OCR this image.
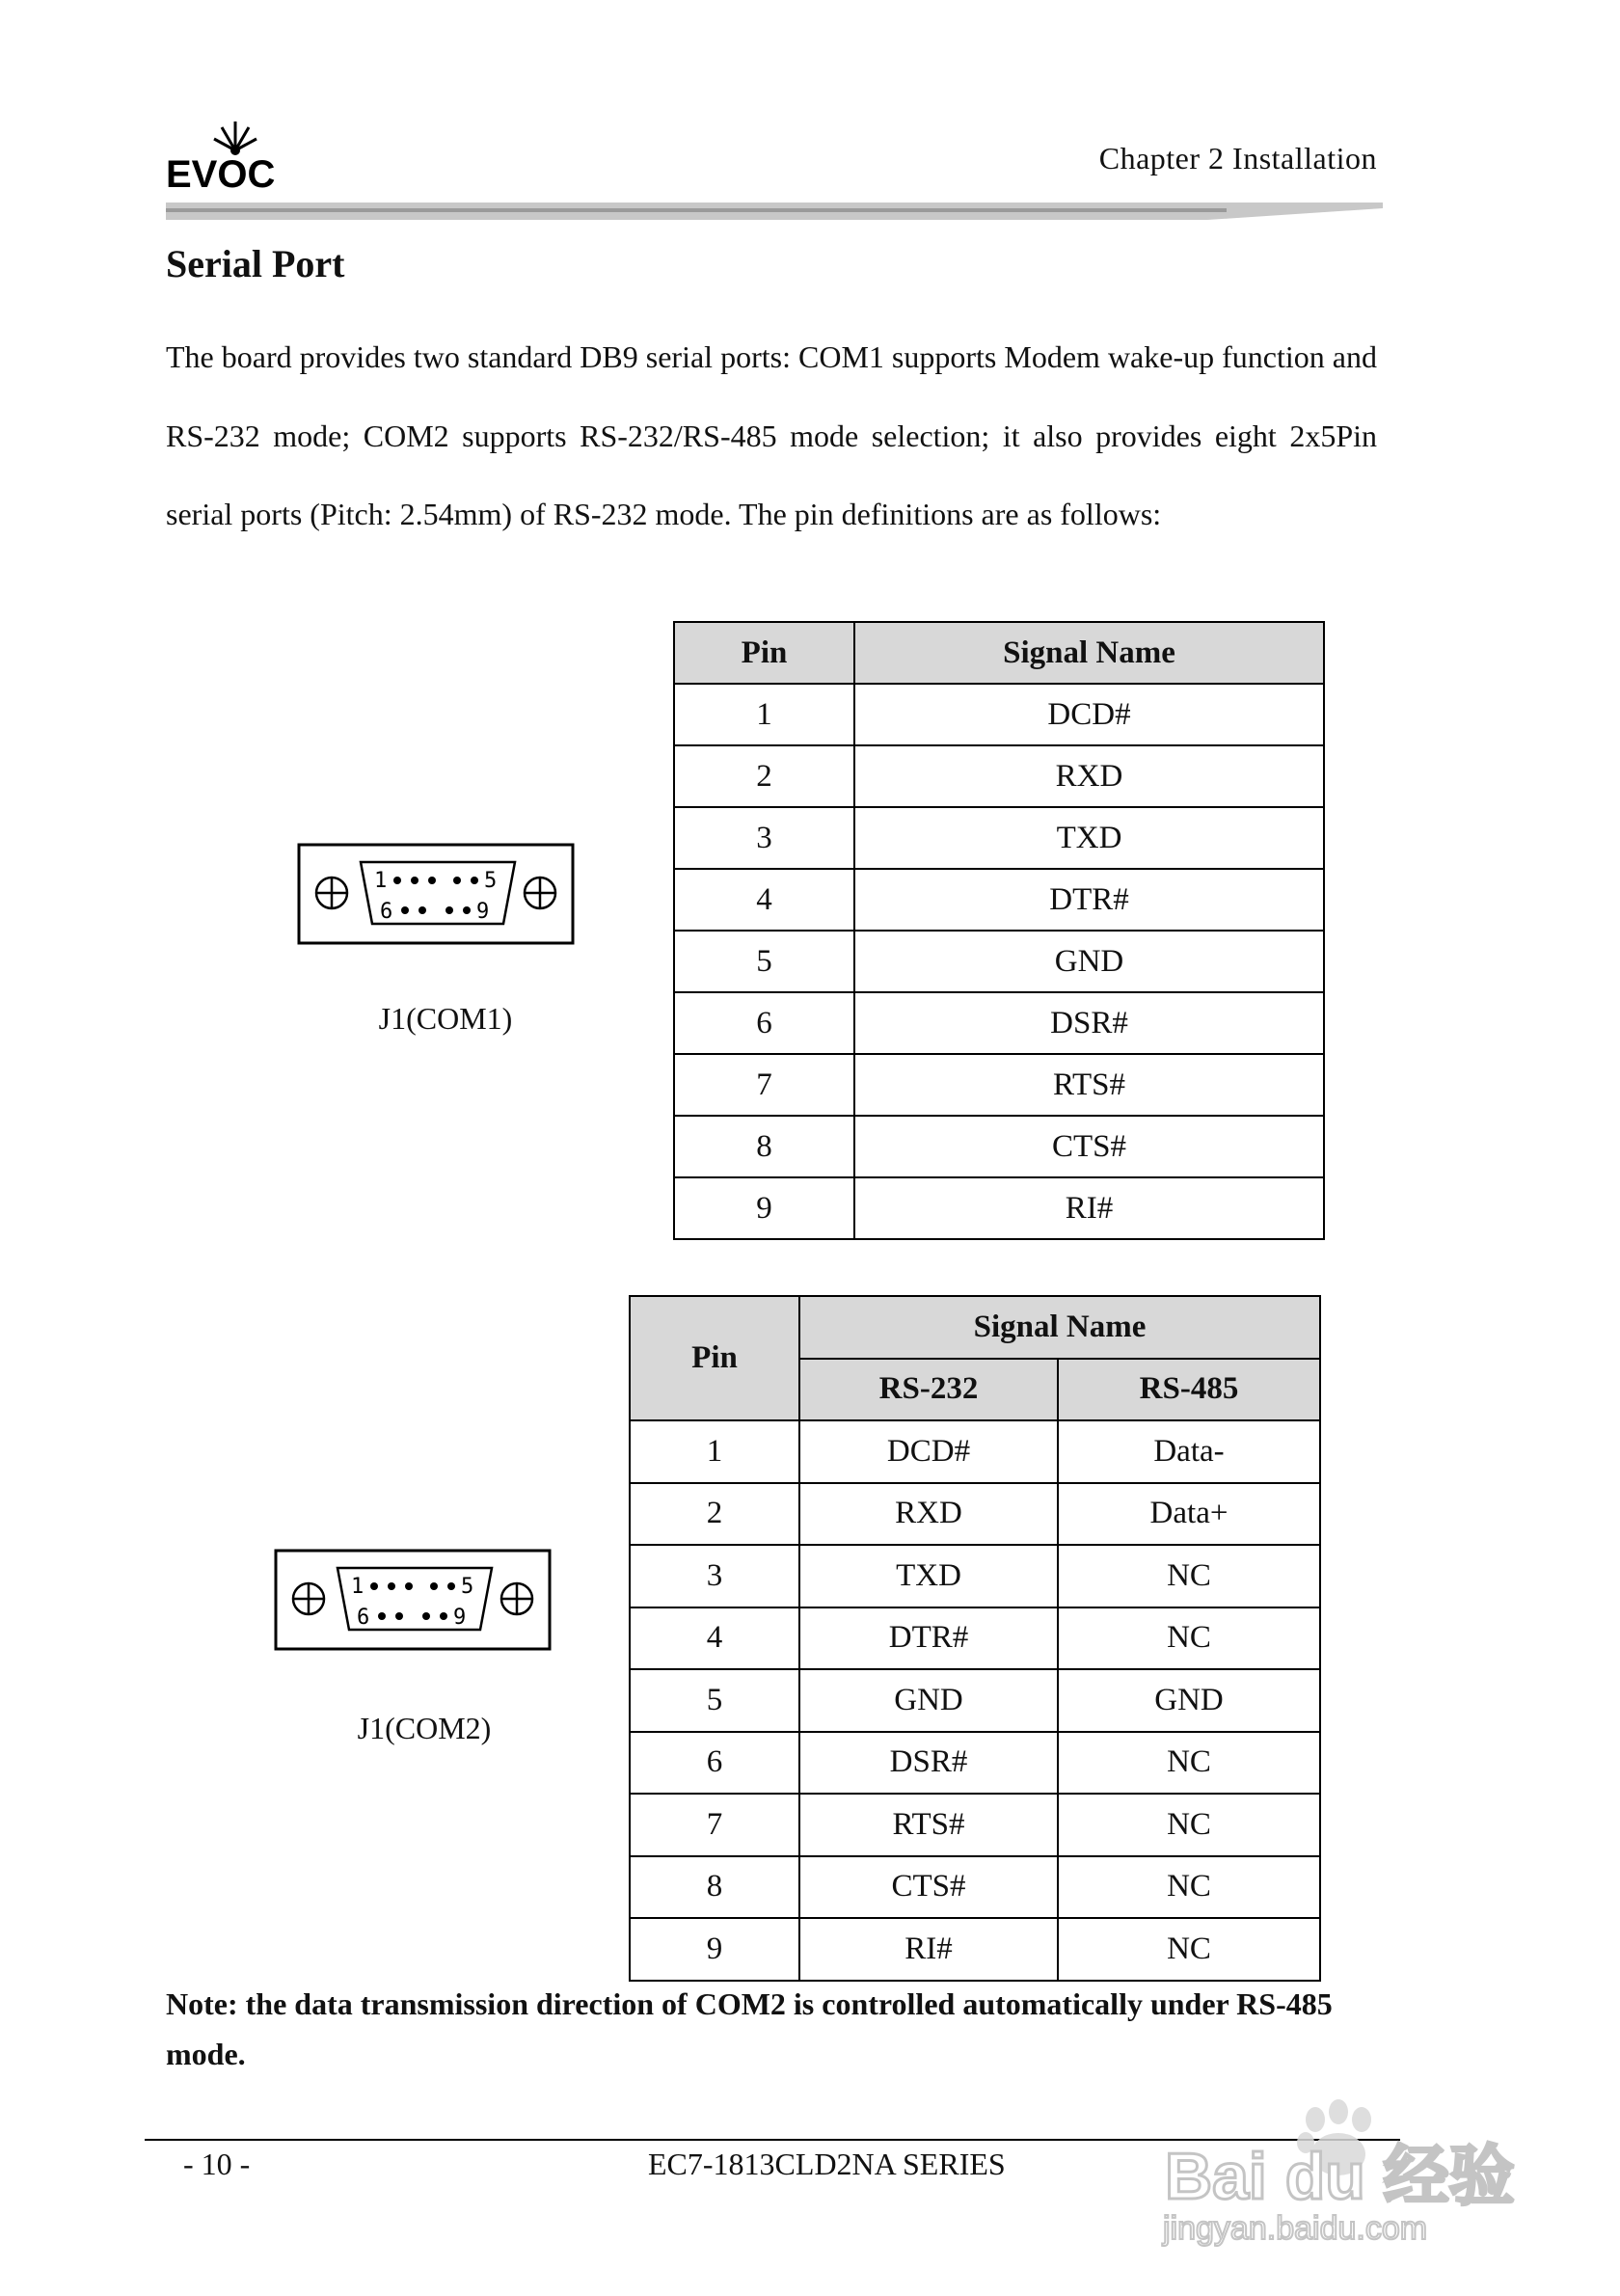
EVOC	Chapter 2 Installation
Serial Port
The board provides two standard DB9 serial ports: COM1 supports Modem wake-up function and RS-232 mode; COM2 supports RS-232/RS-485 mode selection; it also provides eight 2x5Pin serial ports (Pitch: 2.54mm) of RS-232 mode. The pin definitions are as follows:
1	5
6	9
J1(COM1)
Pin	Signal Name
1	DCD#
2	RXD
3	TXD
4	DTR#
5	GND
6	DSR#
7	RTS#
8	CTS#
9	RI#
1	5
6	9
J1(COM2)
Pin	Signal Name	
	RS-232	RS-485
1	DCD#	Data-
2	RXD	Data+
3	TXD	NC
4	DTR#	NC
5	GND	GND
6	DSR#	NC
7	RTS#	NC
8	CTS#	NC
9	RI#	NC
Note: the data transmission direction of COM2 is controlled automatically under RS-485 mode.
- 10 -	EC7-1813CLD2NA SERIES Bai du 经验
jingyan.baidu.com
